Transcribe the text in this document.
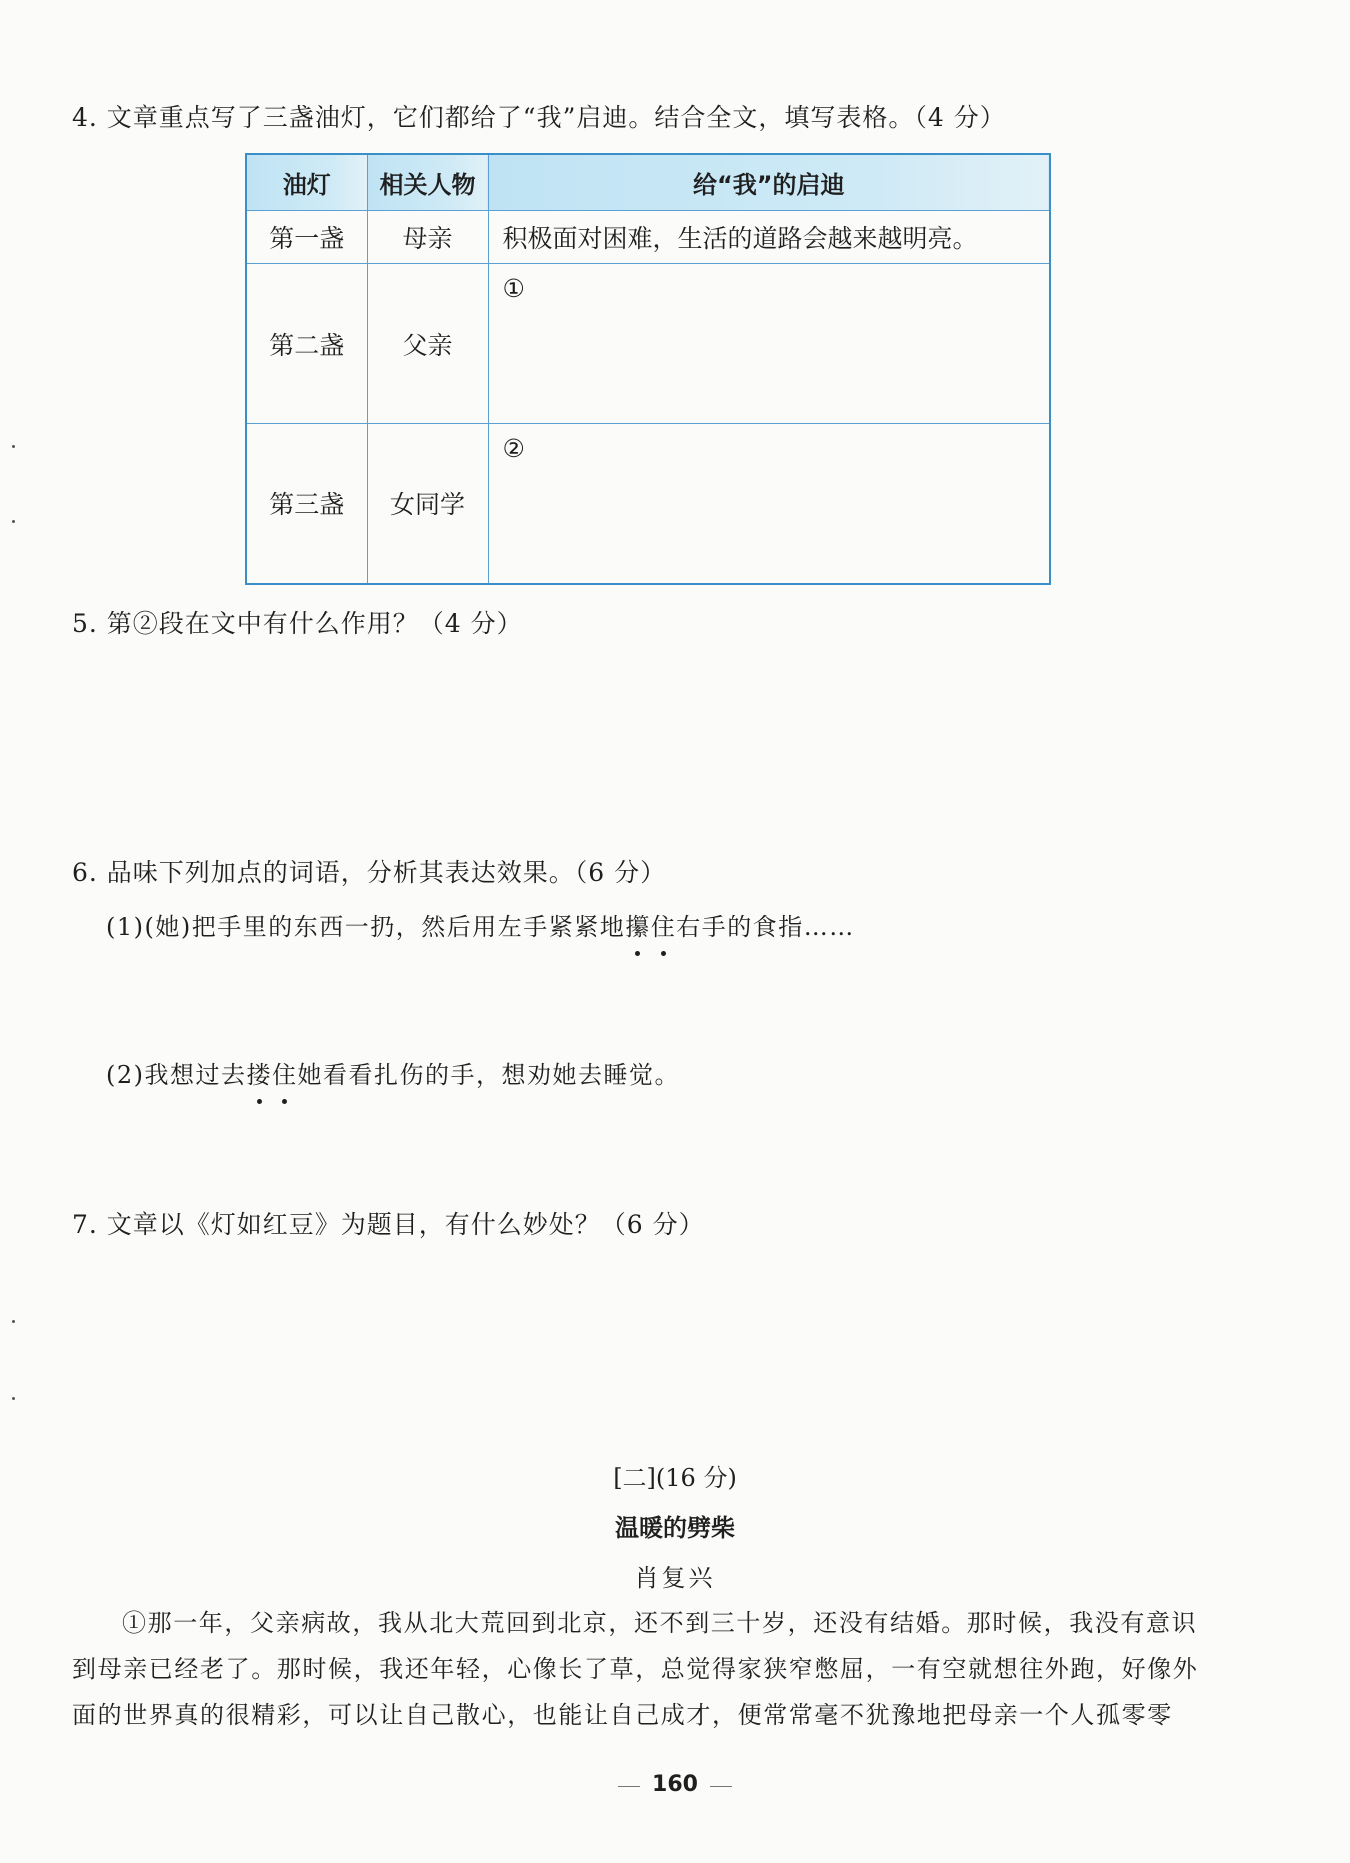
4. 文章重点写了三盏油灯，它们都给了“我”启迪。结合全文，填写表格。（4 分）
油灯	相关人物	给“我”的启迪
第一盏	母亲	积极面对困难，生活的道路会越来越明亮。
第二盏	父亲	①
第三盏	女同学	②
5. 第②段在文中有什么作用？（4 分）
6. 品味下列加点的词语，分析其表达效果。（6 分）
(1)(她)把手里的东西一扔，然后用左手紧紧地攥住右手的食指……
(2)我想过去搂住她看看扎伤的手，想劝她去睡觉。
7. 文章以《灯如红豆》为题目，有什么妙处？（6 分）
[二](16 分)
温暖的劈柴
肖复兴

①那一年，父亲病故，我从北大荒回到北京，还不到三十岁，还没有结婚。那时候，我没有意识

到母亲已经老了。那时候，我还年轻，心像长了草，总觉得家狭窄憋屈，一有空就想往外跑，好像外

面的世界真的很精彩，可以让自己散心，也能让自己成才，便常常毫不犹豫地把母亲一个人孤零零

160
